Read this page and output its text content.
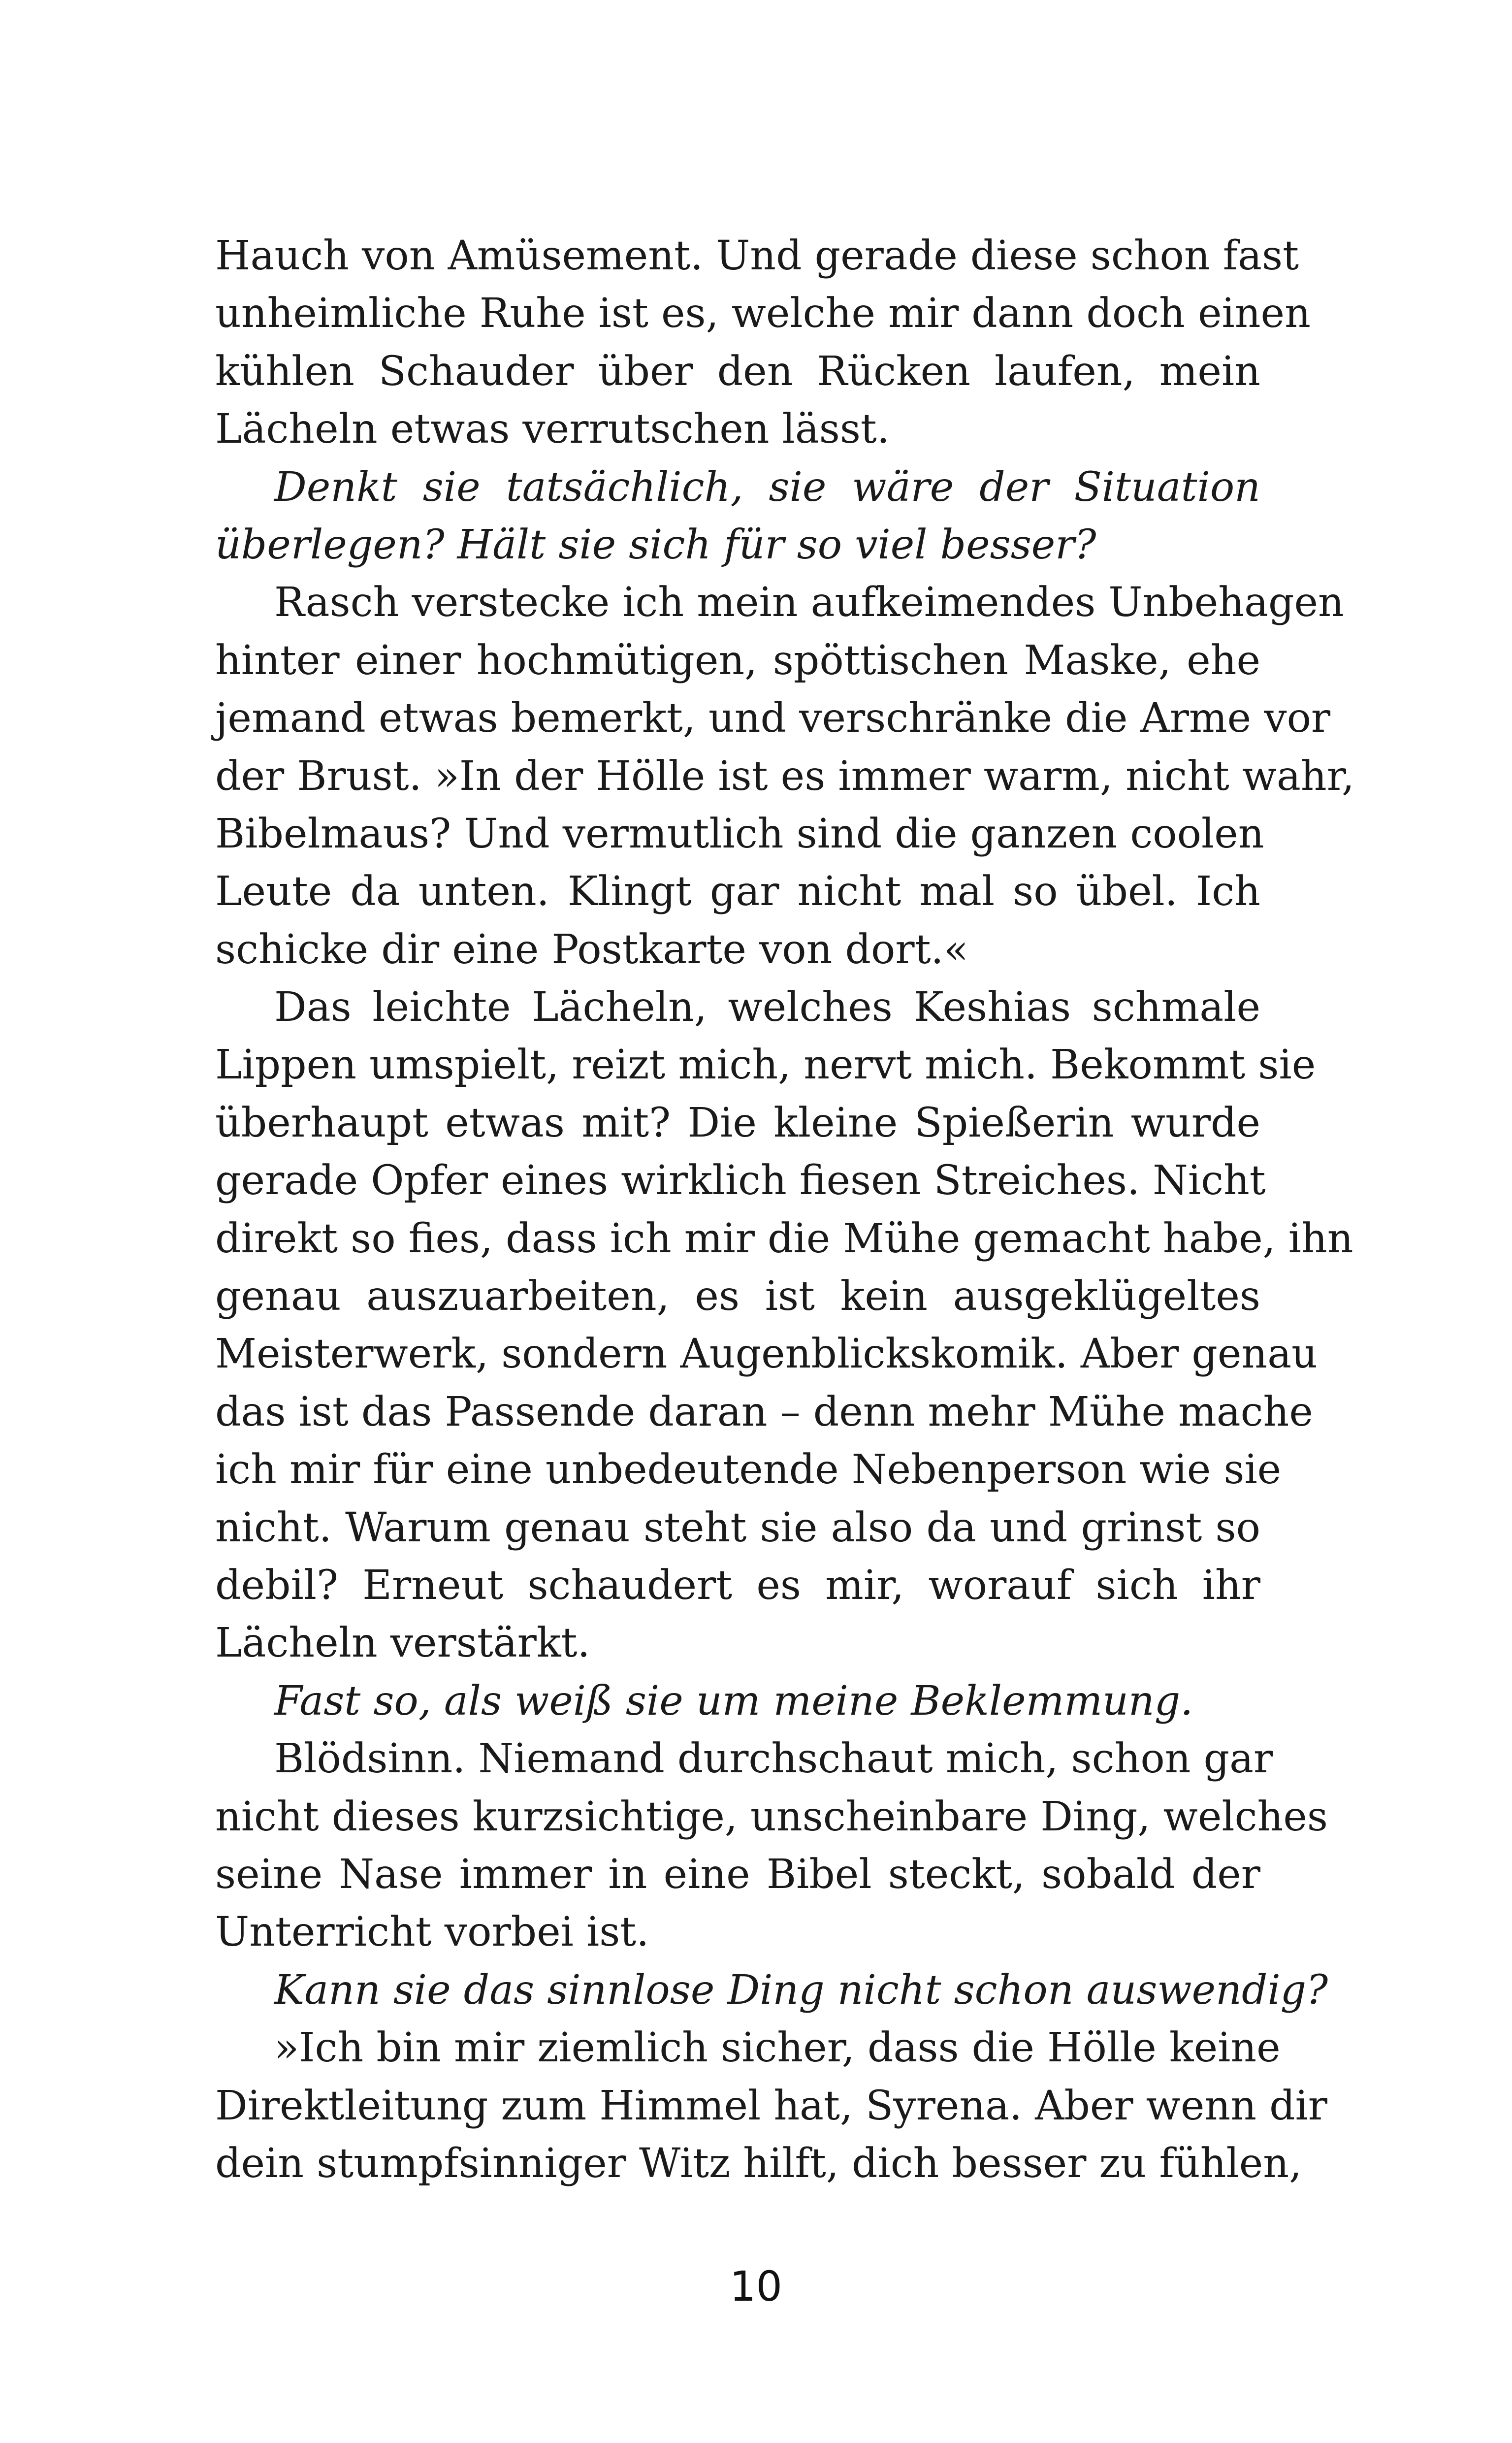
Hauch von Amüsement. Und gerade diese schon fast
unheimliche Ruhe ist es, welche mir dann doch einen
kühlen Schauder über den Rücken laufen, mein
Lächeln etwas verrutschen lässt.
Denkt sie tatsächlich, sie wäre der Situation
überlegen? Hält sie sich für so viel besser?
Rasch verstecke ich mein aufkeimendes Unbehagen
hinter einer hochmütigen, spöttischen Maske, ehe
jemand etwas bemerkt, und verschränke die Arme vor
der Brust. »In der Hölle ist es immer warm, nicht wahr,
Bibelmaus? Und vermutlich sind die ganzen coolen
Leute da unten. Klingt gar nicht mal so übel. Ich
schicke dir eine Postkarte von dort.«
Das leichte Lächeln, welches Keshias schmale
Lippen umspielt, reizt mich, nervt mich. Bekommt sie
überhaupt etwas mit? Die kleine Spießerin wurde
gerade Opfer eines wirklich fiesen Streiches. Nicht
direkt so fies, dass ich mir die Mühe gemacht habe, ihn
genau auszuarbeiten, es ist kein ausgeklügeltes
Meisterwerk, sondern Augenblickskomik. Aber genau
das ist das Passende daran – denn mehr Mühe mache
ich mir für eine unbedeutende Nebenperson wie sie
nicht. Warum genau steht sie also da und grinst so
debil? Erneut schaudert es mir, worauf sich ihr
Lächeln verstärkt.
Fast so, als weiß sie um meine Beklemmung.
Blödsinn. Niemand durchschaut mich, schon gar
nicht dieses kurzsichtige, unscheinbare Ding, welches
seine Nase immer in eine Bibel steckt, sobald der
Unterricht vorbei ist.
Kann sie das sinnlose Ding nicht schon auswendig?
»Ich bin mir ziemlich sicher, dass die Hölle keine
Direktleitung zum Himmel hat, Syrena. Aber wenn dir
dein stumpfsinniger Witz hilft, dich besser zu fühlen,
10
